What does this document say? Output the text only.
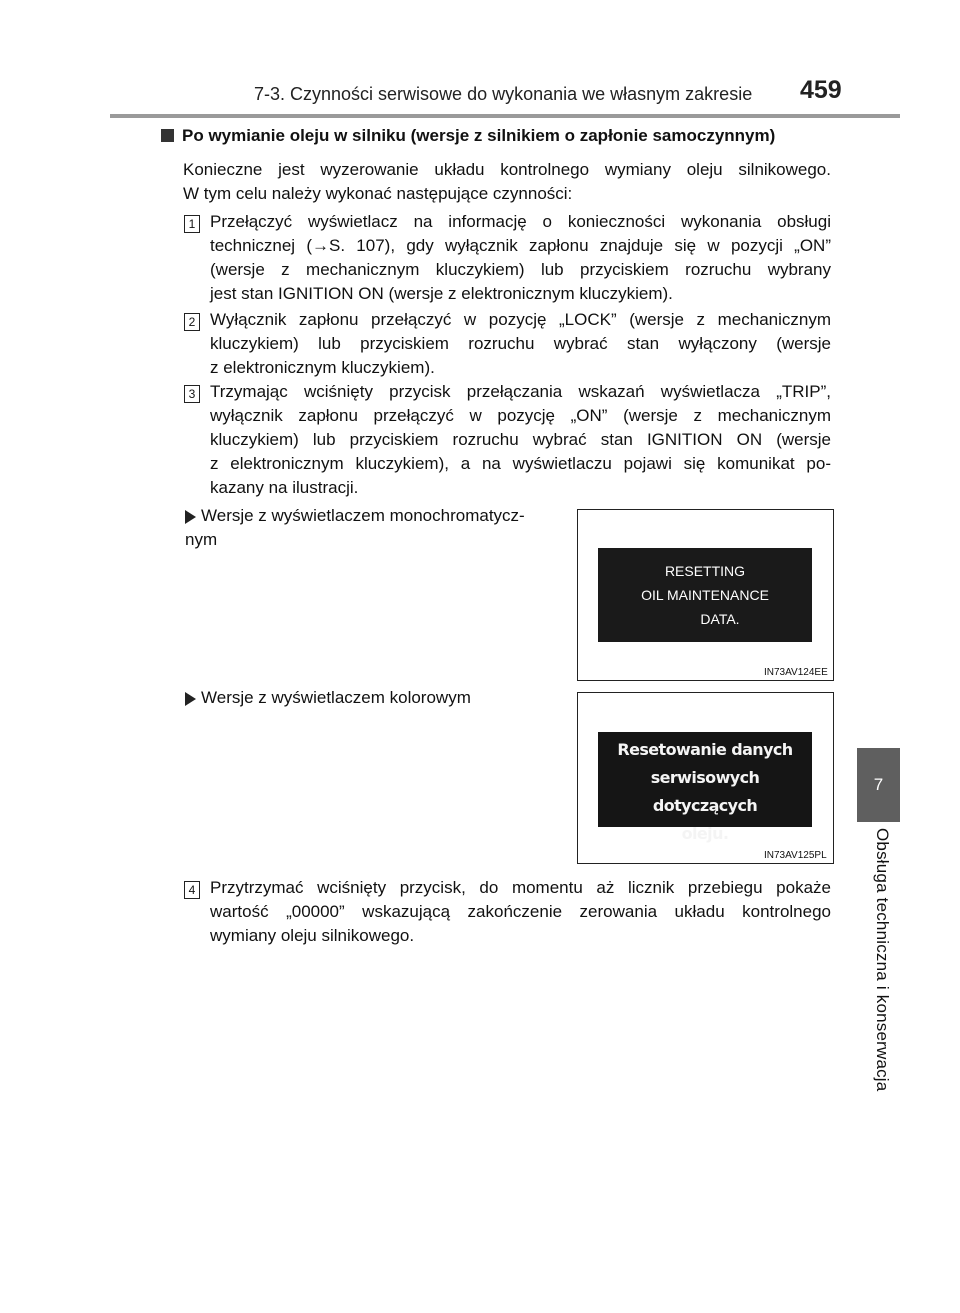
7-3. Czynności serwisowe do wykonania we własnym zakresie 459
7
Obsługa techniczna i konserwacja
Po wymianie oleju w silniku (wersje z silnikiem o zapłonie samoczynnym)
Konieczne jest wyzerowanie układu kontrolnego wymiany oleju silnikowego.
W tym celu należy wykonać następujące czynności:
1 Przełączyć wyświetlacz na informację o konieczności wykonania obsługi
technicznej (→S. 107), gdy wyłącznik zapłonu znajduje się w pozycji „ON”
(wersje z mechanicznym kluczykiem) lub przyciskiem rozruchu wybrany
jest stan IGNITION ON (wersje z elektronicznym kluczykiem).
2 Wyłącznik zapłonu przełączyć w pozycję „LOCK” (wersje z mechanicznym
kluczykiem) lub przyciskiem rozruchu wybrać stan wyłączony (wersje
z elektronicznym kluczykiem).
3 Trzymając wciśnięty przycisk przełączania wskazań wyświetlacza „TRIP”,
wyłącznik zapłonu przełączyć w pozycję „ON” (wersje z mechanicznym
kluczykiem) lub przyciskiem rozruchu wybrać stan IGNITION ON (wersje
z elektronicznym kluczykiem), a na wyświetlaczu pojawi się komunikat po-
kazany na ilustracji.
Wersje z wyświetlaczem monochromatycz-
nym
RESETTING
OIL MAINTENANCE
DATA.
IN73AV124EE
Wersje z wyświetlaczem kolorowym
Resetowanie danych
serwisowych dotyczących
oleju.
IN73AV125PL
4 Przytrzymać wciśnięty przycisk, do momentu aż licznik przebiegu pokaże
wartość „00000” wskazującą zakończenie zerowania układu kontrolnego
wymiany oleju silnikowego.
